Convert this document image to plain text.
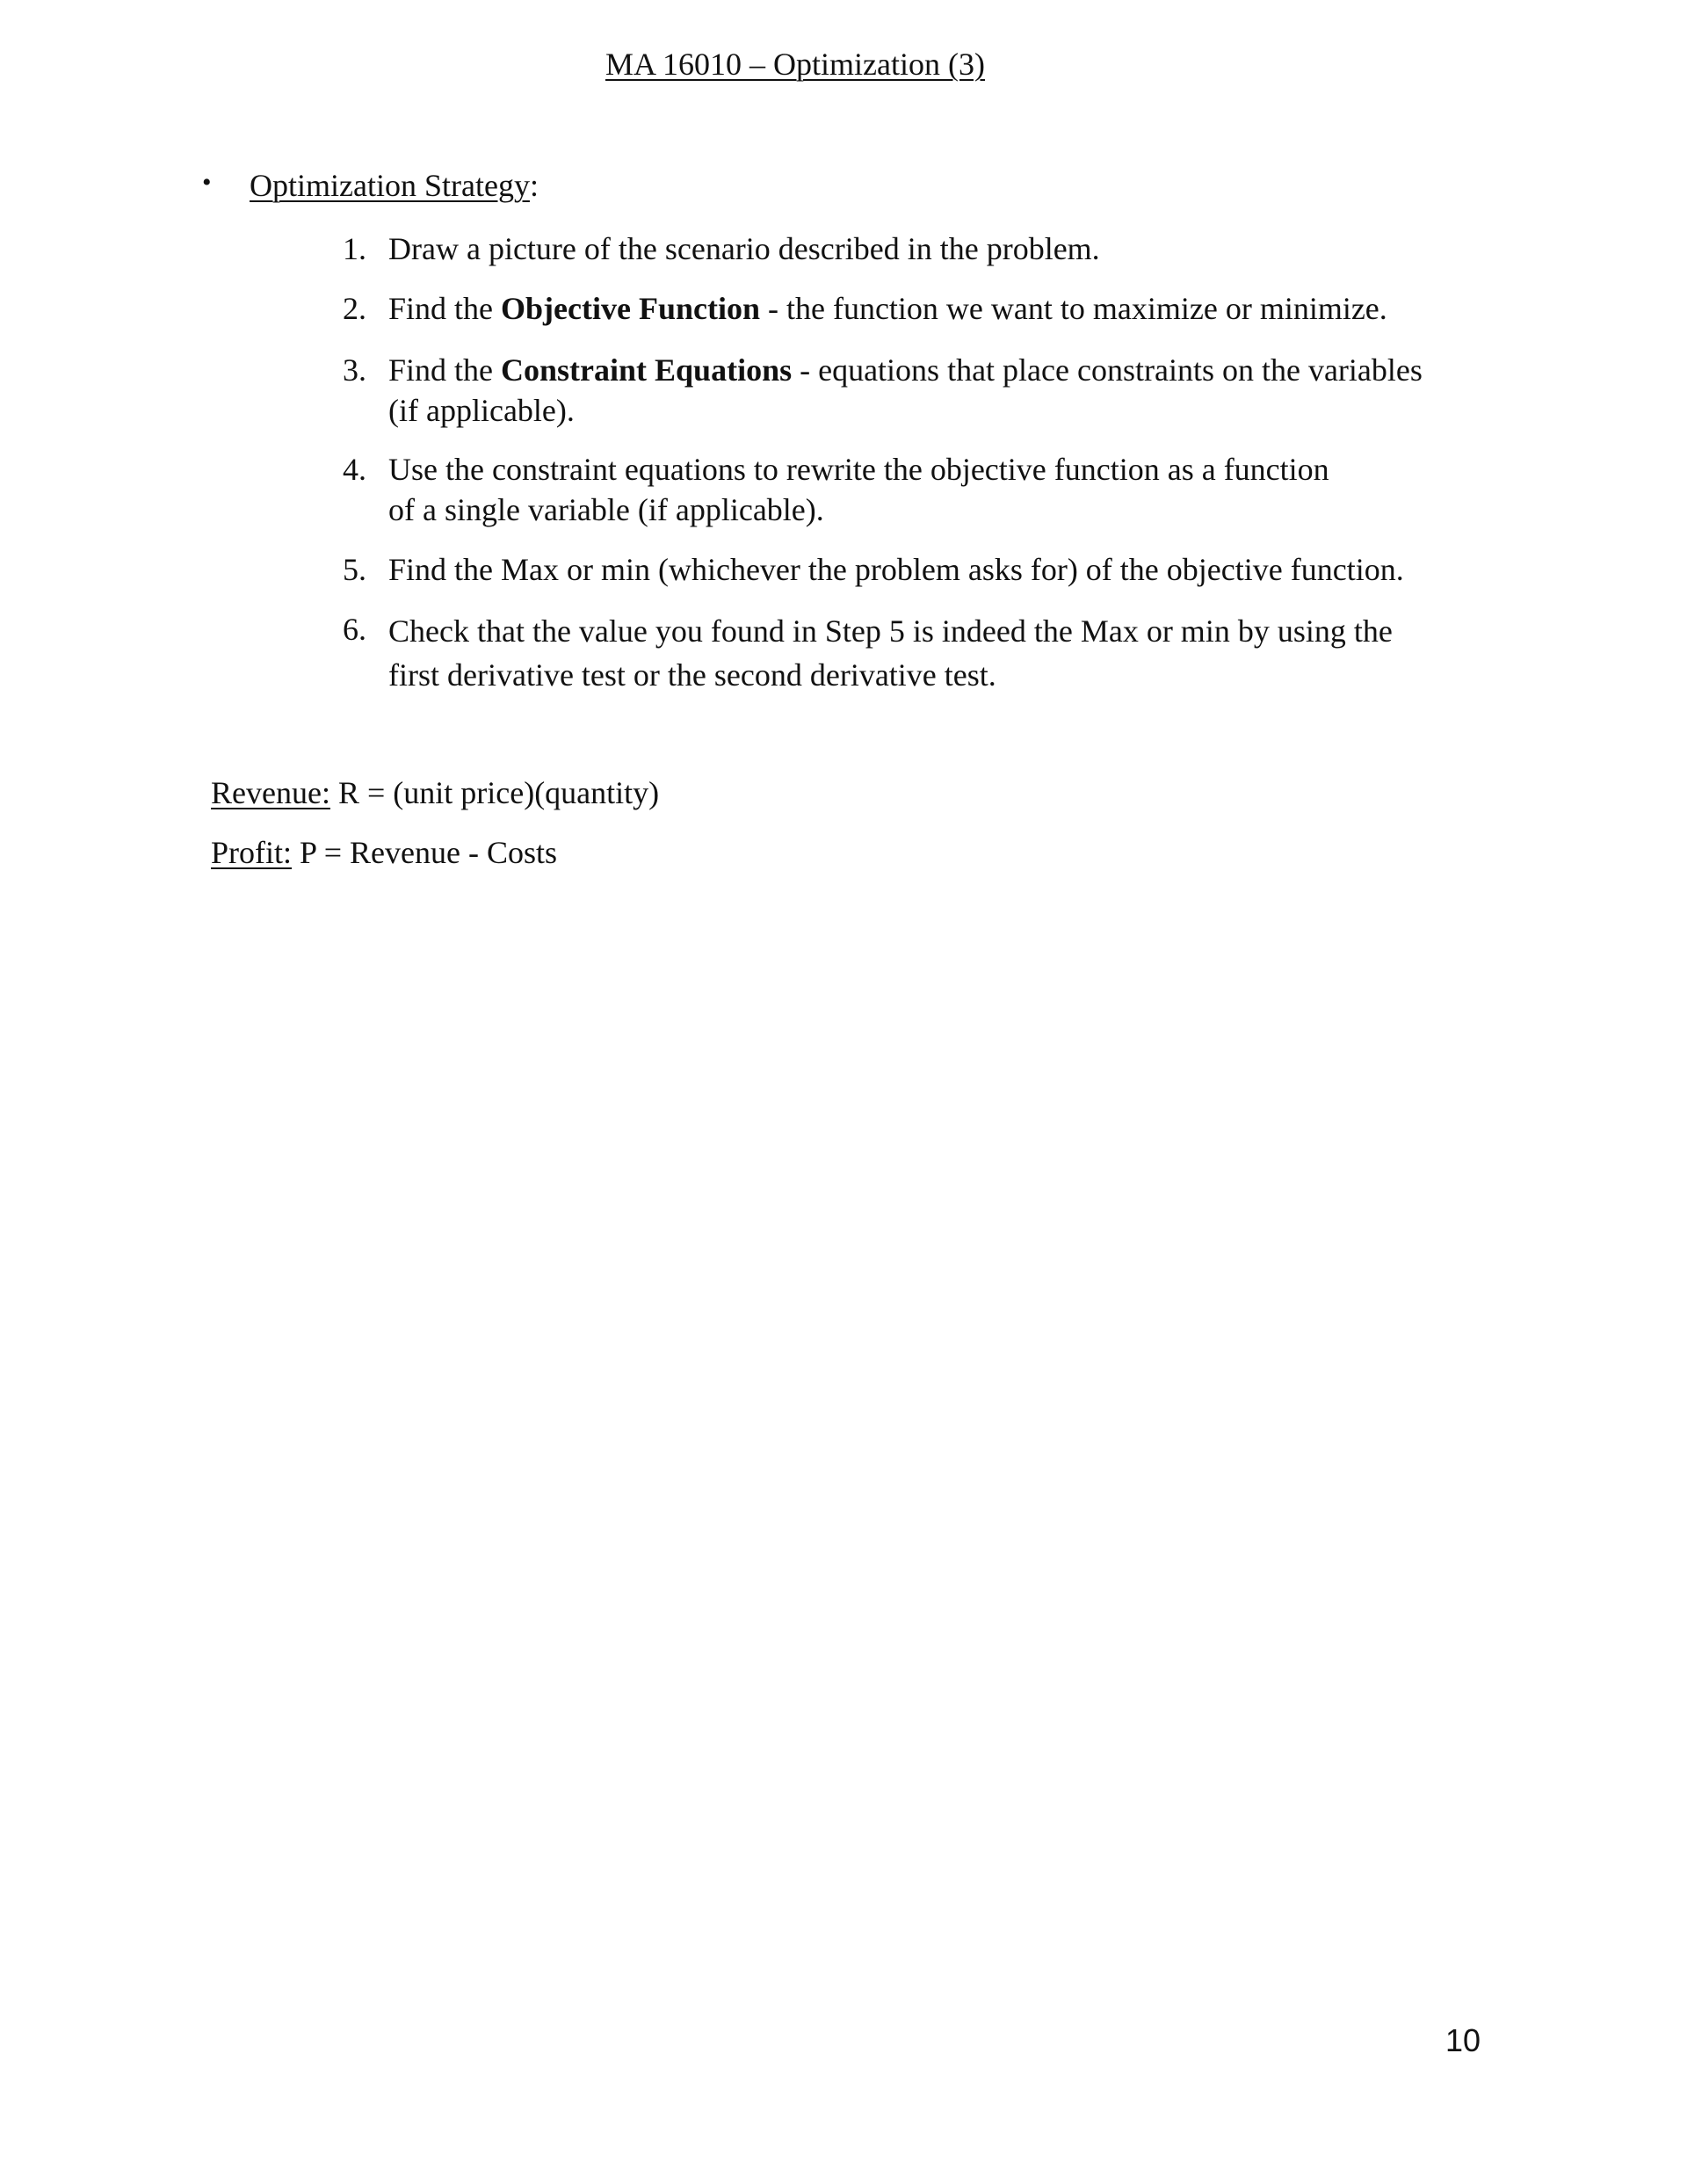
MA 16010 – Optimization (3)
• Optimization Strategy:
1. Draw a picture of the scenario described in the problem.
2. Find the Objective Function - the function we want to maximize or minimize.
3. Find the Constraint Equations - equations that place constraints on the variables (if applicable).
4. Use the constraint equations to rewrite the objective function as a function of a single variable (if applicable).
5. Find the Max or min (whichever the problem asks for) of the objective function.
6. Check that the value you found in Step 5 is indeed the Max or min by using the first derivative test or the second derivative test.
Revenue: R = (unit price)(quantity)
Profit: P = Revenue - Costs
10
